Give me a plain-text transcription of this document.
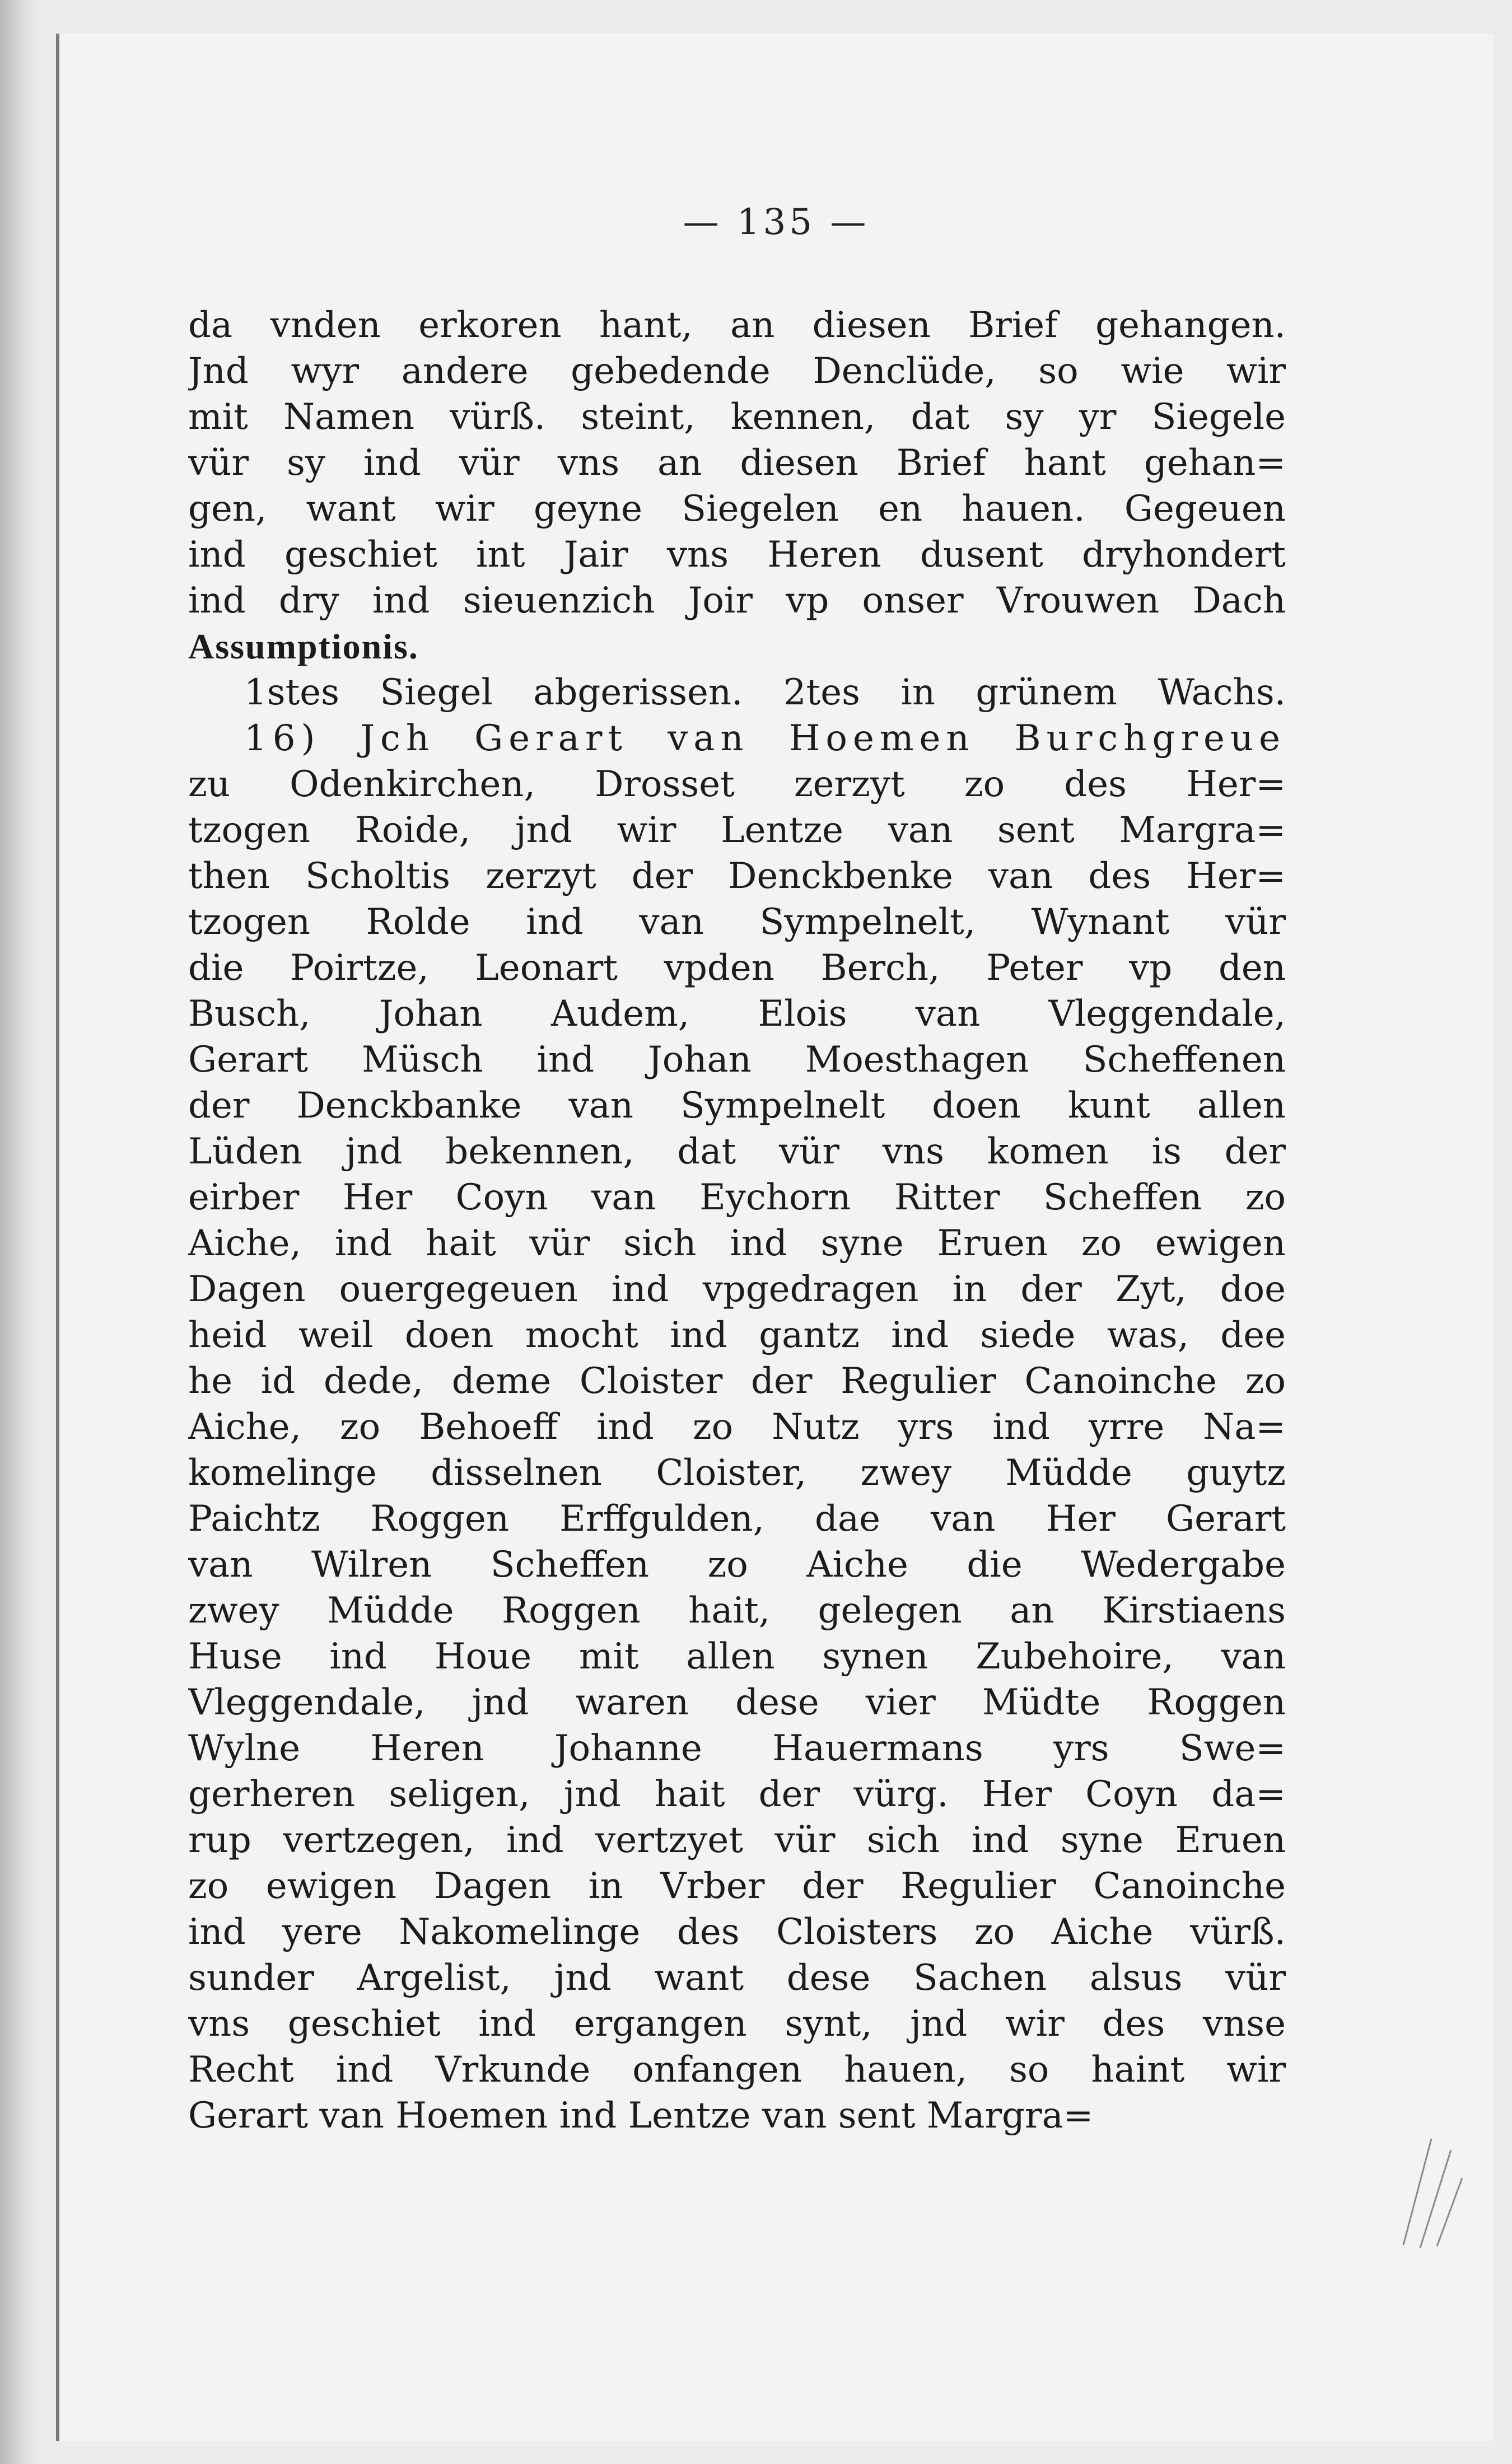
— 135 —
da vnden erkoren hant, an diesen Brief gehangen.
Jnd wyr andere gebedende Denclüde, so wie wir
mit Namen vürß. steint, kennen, dat sy yr Siegele
vür sy ind vür vns an diesen Brief hant gehan=
gen, want wir geyne Siegelen en hauen. Gegeuen
ind geschiet int Jair vns Heren dusent dryhondert
ind dry ind sieuenzich Joir vp onser Vrouwen Dach
Assumptionis.
1stes Siegel abgerissen. 2tes in grünem Wachs.
16) Jch Gerart van Hoemen Burchgreue
zu Odenkirchen, Drosset zerzyt zo des Her=
tzogen Roide, jnd wir Lentze van sent Margra=
then Scholtis zerzyt der Denckbenke van des Her=
tzogen Rolde ind van Sympelnelt, Wynant vür
die Poirtze, Leonart vpden Berch, Peter vp den
Busch, Johan Audem, Elois van Vleggendale,
Gerart Müsch ind Johan Moesthagen Scheffenen
der Denckbanke van Sympelnelt doen kunt allen
Lüden jnd bekennen, dat vür vns komen is der
eirber Her Coyn van Eychorn Ritter Scheffen zo
Aiche, ind hait vür sich ind syne Eruen zo ewigen
Dagen ouergegeuen ind vpgedragen in der Zyt, doe
heid weil doen mocht ind gantz ind siede was, dee
he id dede, deme Cloister der Regulier Canoinche zo
Aiche, zo Behoeff ind zo Nutz yrs ind yrre Na=
komelinge disselnen Cloister, zwey Müdde guytz
Paichtz Roggen Erffgulden, dae van Her Gerart
van Wilren Scheffen zo Aiche die Wedergabe
zwey Müdde Roggen hait, gelegen an Kirstiaens
Huse ind Houe mit allen synen Zubehoire, van
Vleggendale, jnd waren dese vier Müdte Roggen
Wylne Heren Johanne Hauermans yrs Swe=
gerheren seligen, jnd hait der vürg. Her Coyn da=
rup vertzegen, ind vertzyet vür sich ind syne Eruen
zo ewigen Dagen in Vrber der Regulier Canoinche
ind yere Nakomelinge des Cloisters zo Aiche vürß.
sunder Argelist, jnd want dese Sachen alsus vür
vns geschiet ind ergangen synt, jnd wir des vnse
Recht ind Vrkunde onfangen hauen, so haint wir
Gerart van Hoemen ind Lentze van sent Margra=
